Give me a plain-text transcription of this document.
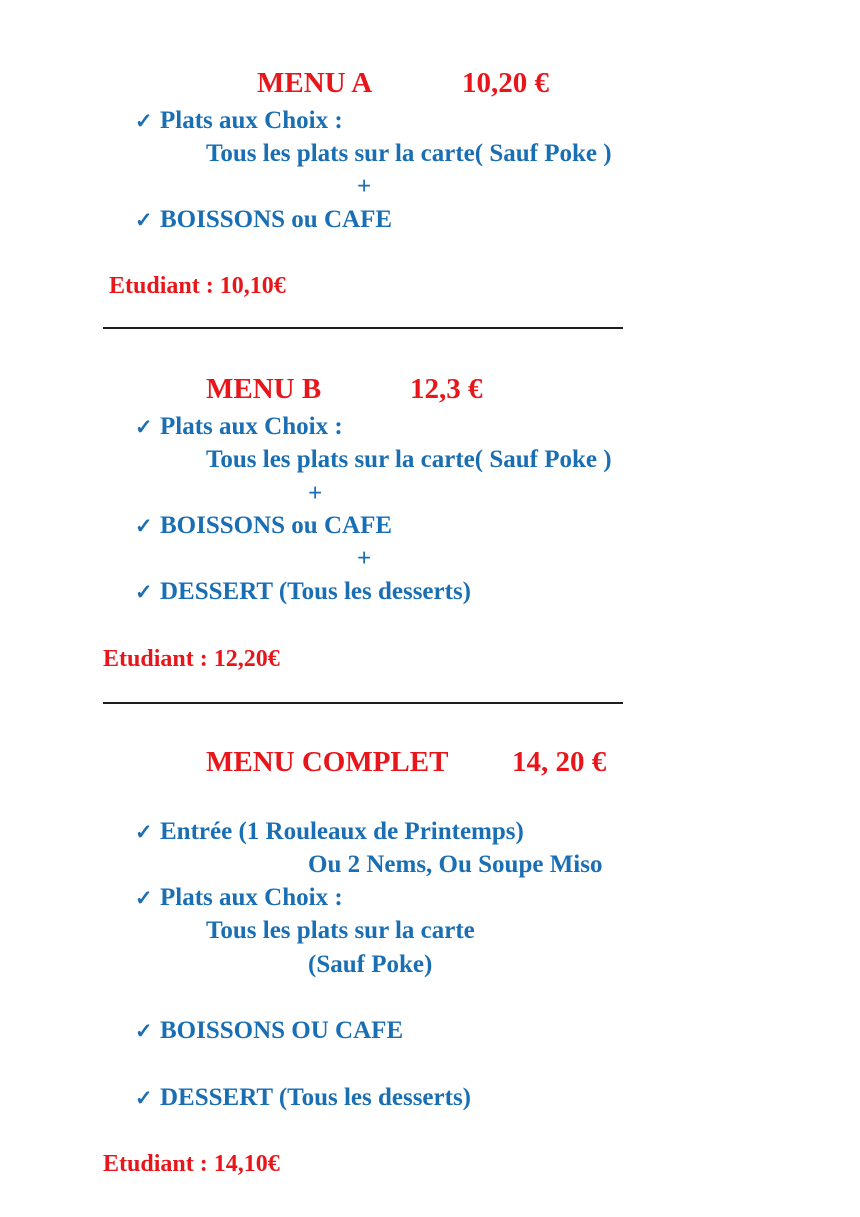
MENU A	10,20 €
✓ Plats aux Choix :
Tous les plats sur la carte( Sauf Poke )
+
✓ BOISSONS ou CAFE
Etudiant : 10,10€
MENU B	12,3 €
✓ Plats aux Choix :
Tous les plats sur la carte( Sauf Poke )
+
✓ BOISSONS ou CAFE
+
✓ DESSERT (Tous les desserts)
Etudiant : 12,20€
MENU COMPLET 14, 20 €
✓ Entrée (1 Rouleaux de Printemps)
Ou 2 Nems, Ou Soupe Miso
✓ Plats aux Choix :
Tous les plats sur la carte
(Sauf Poke)
✓ BOISSONS OU CAFE
✓ DESSERT (Tous les desserts)
Etudiant : 14,10€
